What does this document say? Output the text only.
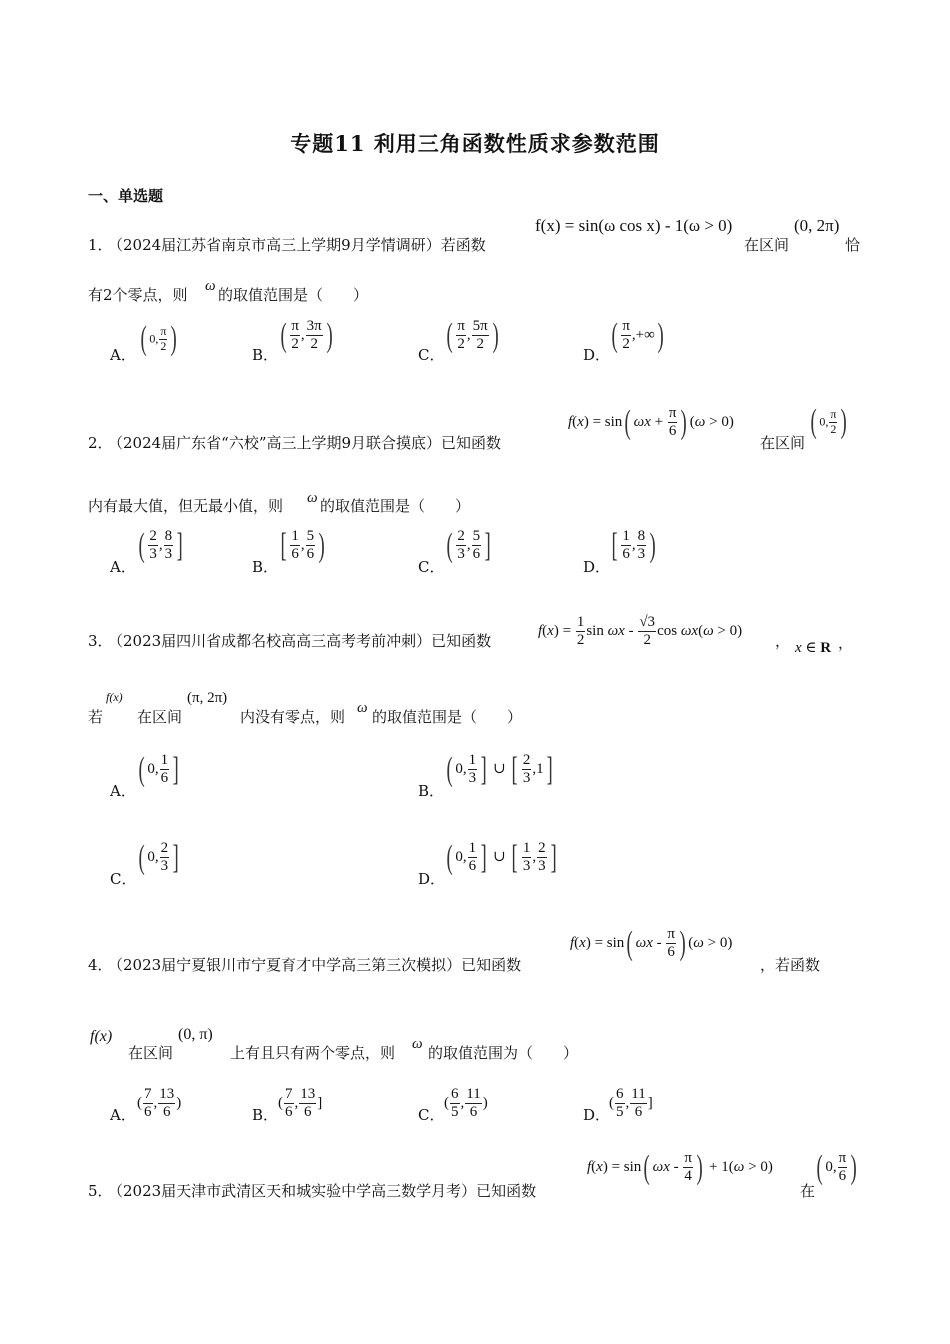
专题11 利用三角函数性质求参数范围
一、单选题
1．
（2024届江苏省南京市高三上学期9月学情调研）若函数
f(x) = sin(ω cos x) - 1(ω > 0)
在区间
(0, 2π)
恰
有2个零点，则 ω 的取值范围是（　　）
A． ( 0, $\frac{\pi}{2}$ )	B．
( $\frac{\pi}{2}$ , $\frac{3\pi}{2}$ )
C．
( $\frac{\pi}{2}$ , $\frac{5\pi}{2}$ )
D．
( $\frac{\pi}{2}$ ,+∞)
2．
（2024届广东省“六校”高三上学期9月联合摸底）已知函数
f(x) = sin( $\omega x + \frac{\pi}{6}$ ) (ω > 0)
在区间
( 0, $\frac{\pi}{2}$ )
内有最大值，但无最小值，则 ω 的取值范围是（　　）
A．
( $\frac{2}{3}$ , $\frac{8}{3}$ ]
B．
[ $\frac{1}{6}$ , $\frac{5}{6}$ )
C．
( $\frac{2}{3}$ , $\frac{5}{6}$ ]
D．
[ $\frac{1}{6}$ , $\frac{8}{3}$ )
3．
（2023届四川省成都名校高高三高考考前冲刺）已知函数
$f(x) = \frac{1}{2}$ sin ωx - $\frac{√3}{2}$ cos ωx(ω > 0)
， x ∈ R ，
若
f(x)
在区间
(π, 2π)
内没有零点，则 ω 的取值范围是（　　）
A．
( 0, $\frac{1}{6}$ ]
B．
( 0, $\frac{1}{3}$ ] ∪ [ $\frac{2}{3} ,1$]
C．
( 0, $\frac{2}{3}$ ]
D．
( 0, $\frac{1}{6}$ ] ∪ [ $\frac{1}{3}$ , $\frac{2}{3}$ ]
4．
（2023届宁夏银川市宁夏育才中学高三第三次模拟）已知函数
f(x) = sin( ωx - $\frac{\pi}{6}$ ) (ω > 0)
，若函数
f(x)
在区间
(0, π)
上有且只有两个零点，则 ω 的取值范围为（　　）
A．
( $\frac{7}{6}$ , $\frac{13}{6}$ )
B．
( $\frac{7}{6}$ , $\frac{13}{6}$ ]
C．
( $\frac{6}{5}$ , $\frac{11}{6}$ )
D．
( $\frac{6}{5}$ , $\frac{11}{6}$ ]
5．
（2023届天津市武清区天和城实验中学高三数学月考）已知函数
f(x) = sin( ωx - $\frac{\pi}{4}$ ) + 1(ω > 0)
在
( 0, $\frac{\pi}{6}$ )
